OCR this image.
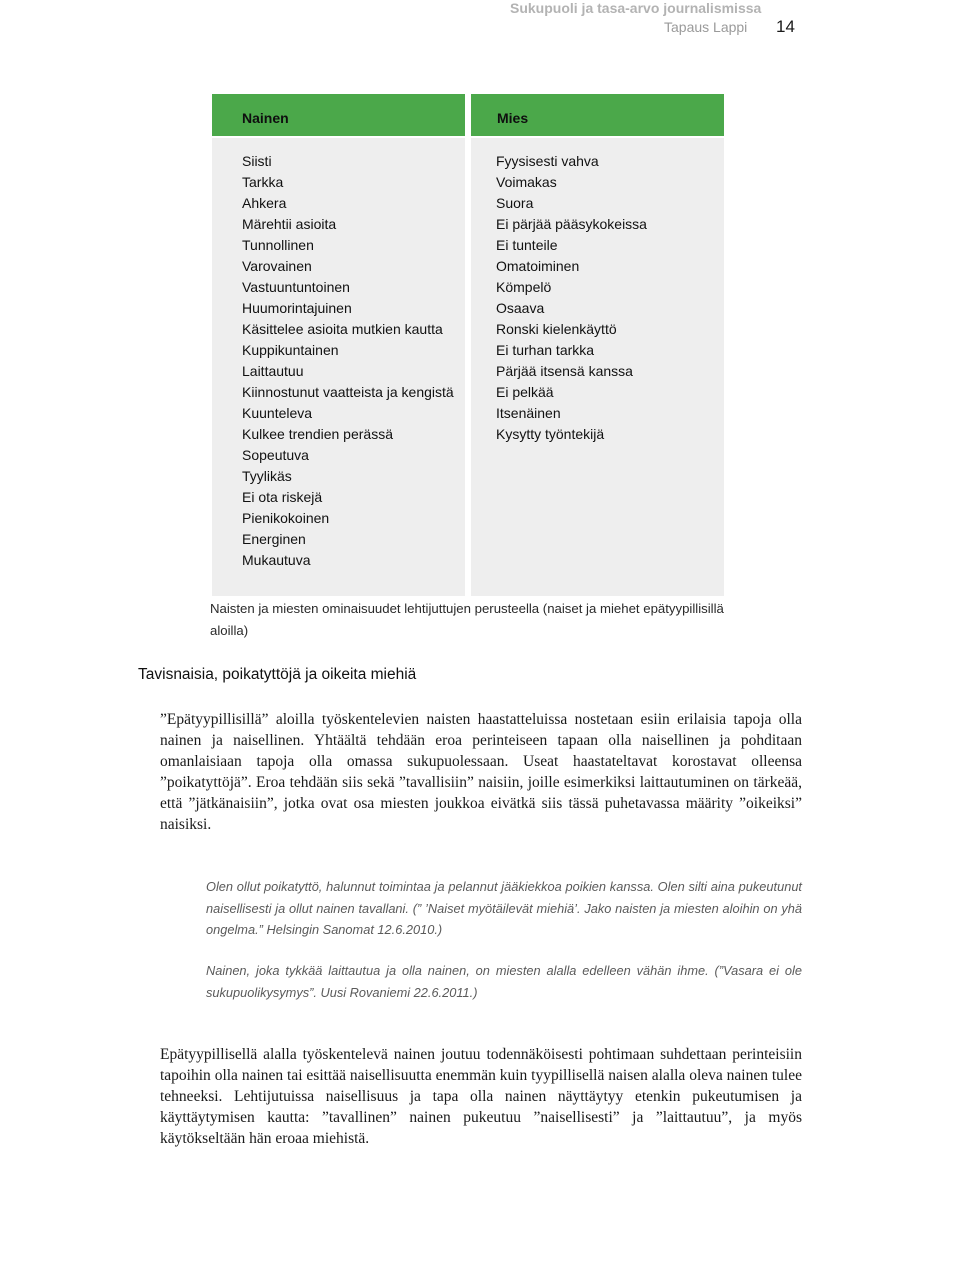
Sukupuoli ja tasa-arvo journalismissa
Tapaus Lappi 14
Nainen
Siisti
Tarkka
Ahkera
Märehtii asioita
Tunnollinen
Varovainen
Vastuuntuntoinen
Huumorintajuinen
Käsittelee asioita mutkien kautta
Kuppikuntainen
Laittautuu
Kiinnostunut vaatteista ja kengistä
Kuunteleva
Kulkee trendien perässä
Sopeutuva
Tyylikäs
Ei ota riskejä
Pienikokoinen
Energinen
Mukautuva
Mies
Fyysisesti vahva
Voimakas
Suora
Ei pärjää pääsykokeissa
Ei tunteile
Omatoiminen
Kömpelö
Osaava
Ronski kielenkäyttö
Ei turhan tarkka
Pärjää itsensä kanssa
Ei pelkää
Itsenäinen
Kysytty työntekijä
Naisten ja miesten ominaisuudet lehtijuttujen perusteella (naiset ja miehet epätyypillisillä aloilla)
Tavisnaisia, poikatyttöjä ja oikeita miehiä
”Epätyypillisillä” aloilla työskentelevien naisten haastatteluissa nostetaan esiin erilaisia tapoja olla nainen ja naisellinen. Yhtäältä tehdään eroa perinteiseen tapaan olla naisellinen ja pohditaan omanlaisiaan tapoja olla omassa sukupuolessaan. Useat haastateltavat korostavat olleensa ”poikatyttöjä”. Eroa tehdään siis sekä ”tavallisiin” naisiin, joille esimerkiksi laittautuminen on tärkeää, että ”jätkänaisiin”, jotka ovat osa miesten joukkoa eivätkä siis tässä puhetavassa määrity ”oikeiksi” naisiksi.
Olen ollut poikatyttö, halunnut toimintaa ja pelannut jääkiekkoa poikien kanssa. Olen silti aina pukeutunut naisellisesti ja ollut nainen tavallani. (” ’Naiset myötäilevät miehiä’. Jako naisten ja miesten aloihin on yhä ongelma.” Helsingin Sanomat 12.6.2010.)
Nainen, joka tykkää laittautua ja olla nainen, on miesten alalla edelleen vähän ihme. (”Vasara ei ole sukupuolikysymys”. Uusi Rovaniemi 22.6.2011.)
Epätyypillisellä alalla työskentelevä nainen joutuu todennäköisesti pohtimaan suhdettaan perinteisiin tapoihin olla nainen tai esittää naisellisuutta enemmän kuin tyypillisellä naisen alalla oleva nainen tulee tehneeksi. Lehtijutuissa naisellisuus ja tapa olla nainen näyttäytyy etenkin pukeutumisen ja käyttäytymisen kautta: ”tavallinen” nainen pukeutuu ”naisellisesti” ja ”laittautuu”, ja myös käytökseltään hän eroaa miehistä.
